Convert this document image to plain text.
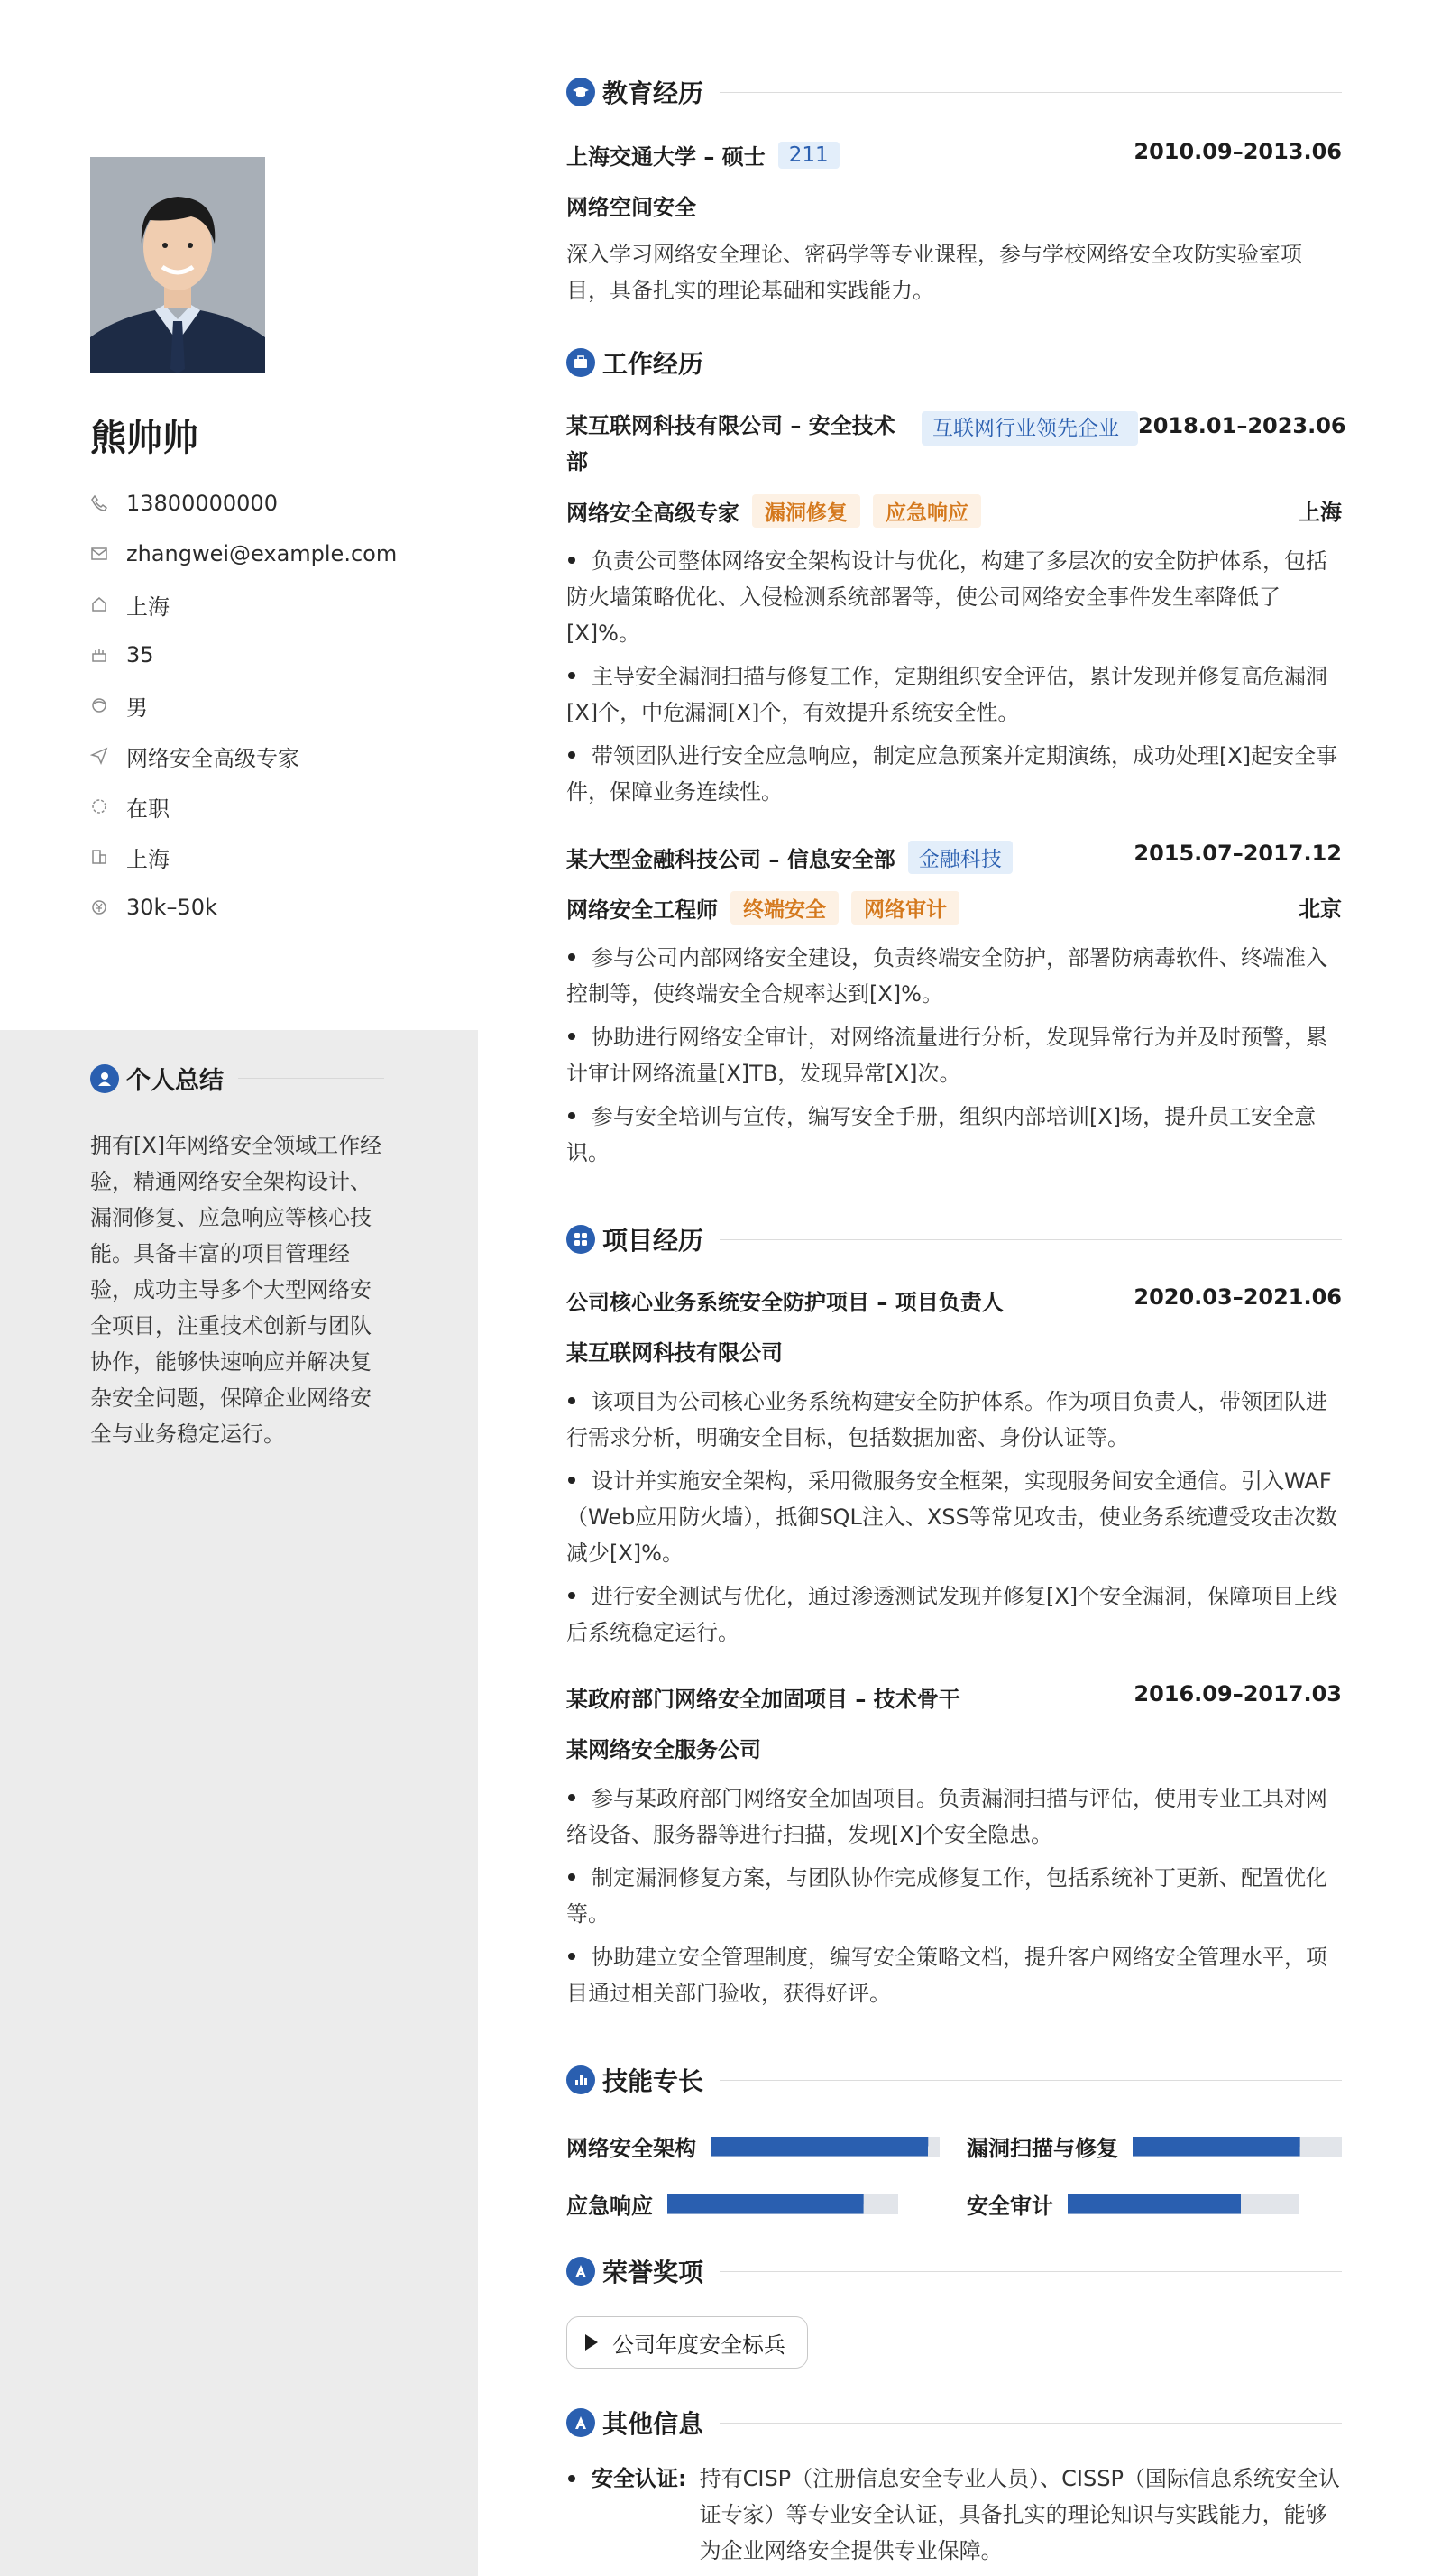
熊帅帅
13800000000
zhangwei@example.com
上海
35
男
网络安全高级专家
在职
上海
30k–50k
个人总结
拥有[X]年网络安全领域工作经验，精通网络安全架构设计、漏洞修复、应急响应等核心技能。具备丰富的项目管理经验，成功主导多个大型网络安全项目，注重技术创新与团队协作，能够快速响应并解决复杂安全问题，保障企业网络安全与业务稳定运行。
教育经历
上海交通大学 – 硕士	211	2010.09–2013.06
网络空间安全
深入学习网络安全理论、密码学等专业课程，参与学校网络安全攻防实验室项目，具备扎实的理论基础和实践能力。
工作经历
某互联网科技有限公司 – 安全技术部
互联网行业领先企业 2018.01–2023.06
网络安全高级专家	漏洞修复	应急响应	上海
负责公司整体网络安全架构设计与优化，构建了多层次的安全防护体系，包括防火墙策略优化、入侵检测系统部署等，使公司网络安全事件发生率降低了[X]%。
主导安全漏洞扫描与修复工作，定期组织安全评估，累计发现并修复高危漏洞[X]个，中危漏洞[X]个，有效提升系统安全性。
带领团队进行安全应急响应，制定应急预案并定期演练，成功处理[X]起安全事件，保障业务连续性。
某大型金融科技公司 – 信息安全部	金融科技	2015.07–2017.12
网络安全工程师	终端安全	网络审计	北京
参与公司内部网络安全建设，负责终端安全防护，部署防病毒软件、终端准入控制等，使终端安全合规率达到[X]%。
协助进行网络安全审计，对网络流量进行分析，发现异常行为并及时预警，累计审计网络流量[X]TB，发现异常[X]次。
参与安全培训与宣传，编写安全手册，组织内部培训[X]场，提升员工安全意识。
项目经历
公司核心业务系统安全防护项目 – 项目负责人	2020.03–2021.06
某互联网科技有限公司
该项目为公司核心业务系统构建安全防护体系。作为项目负责人，带领团队进行需求分析，明确安全目标，包括数据加密、身份认证等。
设计并实施安全架构，采用微服务安全框架，实现服务间安全通信。引入WAF（Web应用防火墙），抵御SQL注入、XSS等常见攻击，使业务系统遭受攻击次数减少[X]%。
进行安全测试与优化，通过渗透测试发现并修复[X]个安全漏洞，保障项目上线后系统稳定运行。
某政府部门网络安全加固项目 – 技术骨干	2016.09–2017.03
某网络安全服务公司
参与某政府部门网络安全加固项目。负责漏洞扫描与评估，使用专业工具对网络设备、服务器等进行扫描，发现[X]个安全隐患。
制定漏洞修复方案，与团队协作完成修复工作，包括系统补丁更新、配置优化等。
协助建立安全管理制度，编写安全策略文档，提升客户网络安全管理水平，项目通过相关部门验收，获得好评。
技能专长
网络安全架构	漏洞扫描与修复
应急响应	安全审计
荣誉奖项
公司年度安全标兵
其他信息
安全认证: 持有CISP（注册信息安全专业人员）、CISSP（国际信息系统安全认证专家）等专业安全认证，具备扎实的理论知识与实践能力，能够为企业网络安全提供专业保障。
